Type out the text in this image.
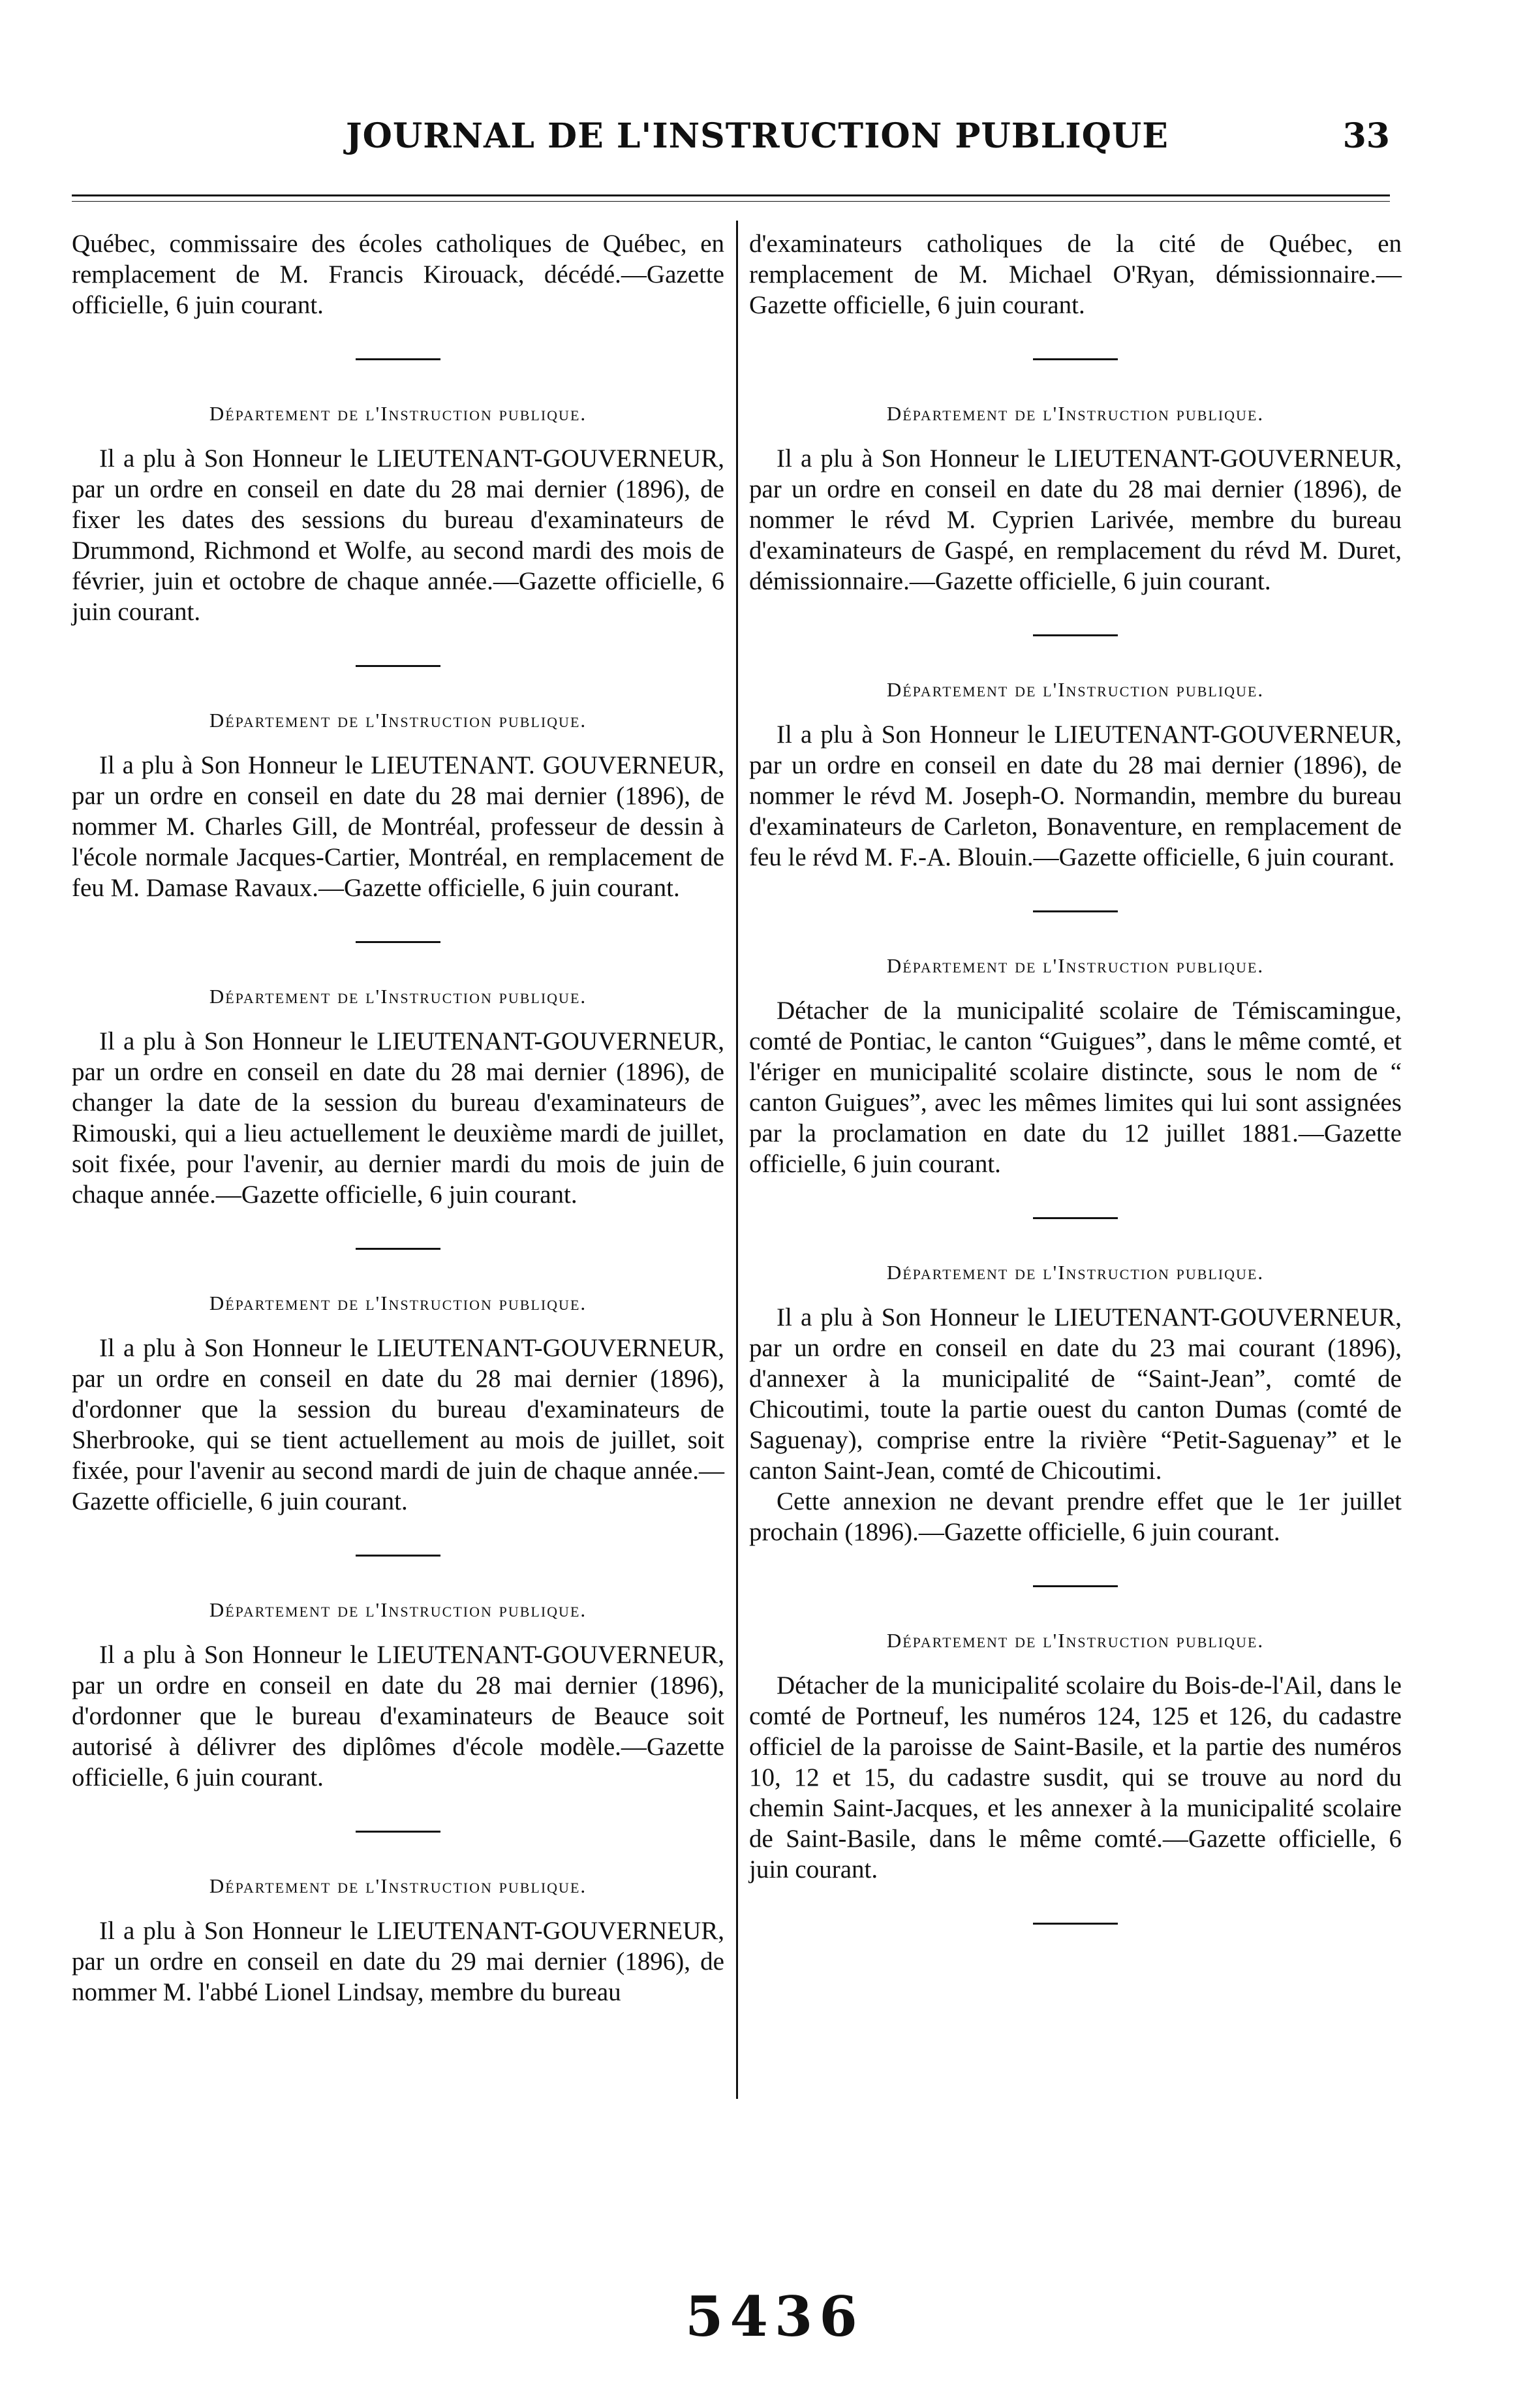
JOURNAL DE L'INSTRUCTION PUBLIQUE	33

Québec, commissaire des écoles catholiques de Québec, en remplacement de M. Francis Kirouack, décédé.—Gazette officielle, 6 juin courant.

Département de l'Instruction publique.

Il a plu à Son Honneur le LIEUTENANT-GOUVERNEUR, par un ordre en conseil en date du 28 mai dernier (1896), de fixer les dates des sessions du bureau d'examinateurs de Drummond, Richmond et Wolfe, au second mardi des mois de février, juin et octobre de chaque année.—Gazette officielle, 6 juin courant.

Département de l'Instruction publique.

Il a plu à Son Honneur le LIEUTENANT. GOUVERNEUR, par un ordre en conseil en date du 28 mai dernier (1896), de nommer M. Charles Gill, de Montréal, professeur de dessin à l'école normale Jacques-Cartier, Montréal, en remplacement de feu M. Damase Ravaux.—Gazette officielle, 6 juin courant.

Département de l'Instruction publique.

Il a plu à Son Honneur le LIEUTENANT-GOUVERNEUR, par un ordre en conseil en date du 28 mai dernier (1896), de changer la date de la session du bureau d'examinateurs de Rimouski, qui a lieu actuellement le deuxième mardi de juillet, soit fixée, pour l'avenir, au dernier mardi du mois de juin de chaque année.—Gazette officielle, 6 juin courant.

Département de l'Instruction publique.

Il a plu à Son Honneur le LIEUTENANT-GOUVERNEUR, par un ordre en conseil en date du 28 mai dernier (1896), d'ordonner que la session du bureau d'examinateurs de Sherbrooke, qui se tient actuellement au mois de juillet, soit fixée, pour l'avenir au second mardi de juin de chaque année.—Gazette officielle, 6 juin courant.

Département de l'Instruction publique.

Il a plu à Son Honneur le LIEUTENANT-GOUVERNEUR, par un ordre en conseil en date du 28 mai dernier (1896), d'ordonner que le bureau d'examinateurs de Beauce soit autorisé à délivrer des diplômes d'école modèle.—Gazette officielle, 6 juin courant.

Département de l'Instruction publique.

Il a plu à Son Honneur le LIEUTENANT-GOUVERNEUR, par un ordre en conseil en date du 29 mai dernier (1896), de nommer M. l'abbé Lionel Lindsay, membre du bureau

d'examinateurs catholiques de la cité de Québec, en remplacement de M. Michael O'Ryan, démissionnaire.—Gazette officielle, 6 juin courant.

Département de l'Instruction publique.

Il a plu à Son Honneur le LIEUTENANT-GOUVERNEUR, par un ordre en conseil en date du 28 mai dernier (1896), de nommer le révd M. Cyprien Larivée, membre du bureau d'examinateurs de Gaspé, en remplacement du révd M. Duret, démissionnaire.—Gazette officielle, 6 juin courant.

Département de l'Instruction publique.

Il a plu à Son Honneur le LIEUTENANT-GOUVERNEUR, par un ordre en conseil en date du 28 mai dernier (1896), de nommer le révd M. Joseph-O. Normandin, membre du bureau d'examinateurs de Carleton, Bonaventure, en remplacement de feu le révd M. F.-A. Blouin.—Gazette officielle, 6 juin courant.

Département de l'Instruction publique.

Détacher de la municipalité scolaire de Témiscamingue, comté de Pontiac, le canton “Guigues”, dans le même comté, et l'ériger en municipalité scolaire distincte, sous le nom de “ canton Guigues”, avec les mêmes limites qui lui sont assignées par la proclamation en date du 12 juillet 1881.—Gazette officielle, 6 juin courant.

Département de l'Instruction publique.

Il a plu à Son Honneur le LIEUTENANT-GOUVERNEUR, par un ordre en conseil en date du 23 mai courant (1896), d'annexer à la municipalité de “Saint-Jean”, comté de Chicoutimi, toute la partie ouest du canton Dumas (comté de Saguenay), comprise entre la rivière “Petit-Saguenay” et le canton Saint-Jean, comté de Chicoutimi.

Cette annexion ne devant prendre effet que le 1er juillet prochain (1896).—Gazette officielle, 6 juin courant.

Département de l'Instruction publique.

Détacher de la municipalité scolaire du Bois-de-l'Ail, dans le comté de Portneuf, les numéros 124, 125 et 126, du cadastre officiel de la paroisse de Saint-Basile, et la partie des numéros 10, 12 et 15, du cadastre susdit, qui se trouve au nord du chemin Saint-Jacques, et les annexer à la municipalité scolaire de Saint-Basile, dans le même comté.—Gazette officielle, 6 juin courant.

5436
